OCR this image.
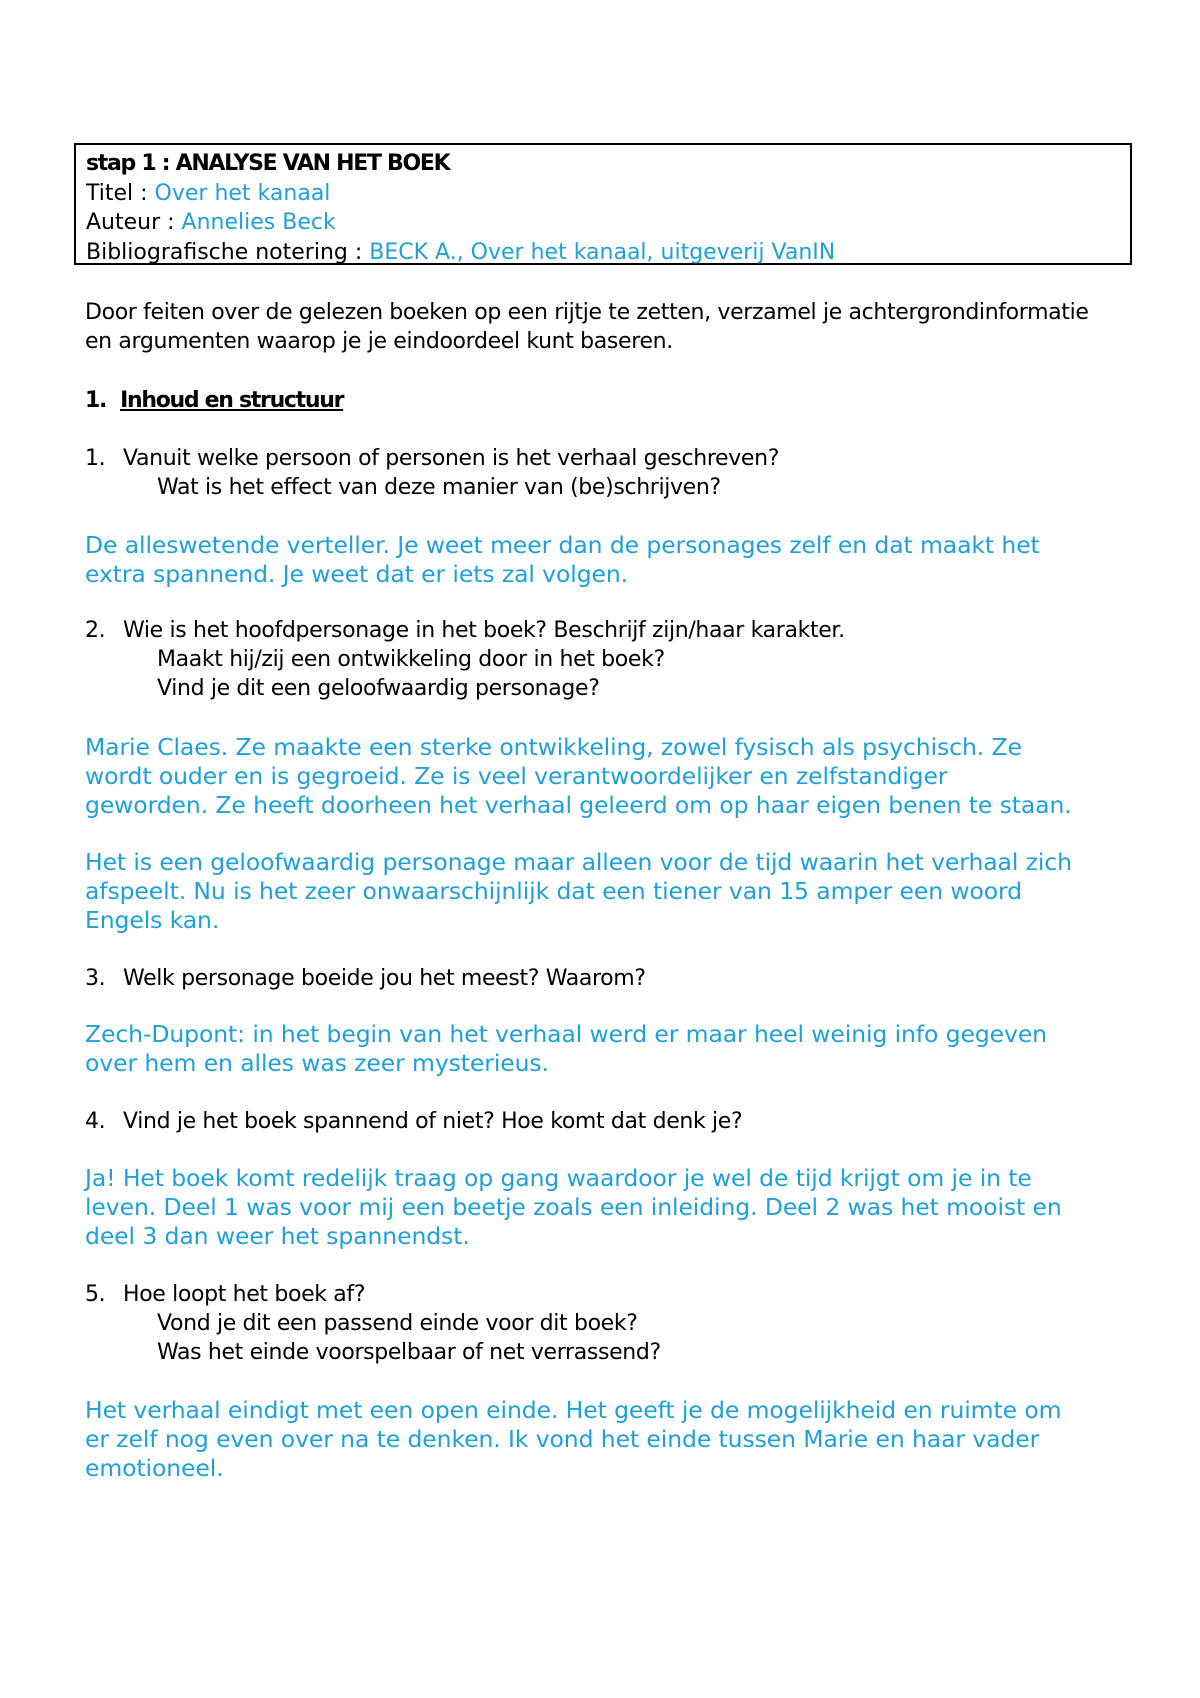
stap 1 : ANALYSE VAN HET BOEK
Titel : Over het kanaal
Auteur : Annelies Beck
Bibliografische notering : BECK A., Over het kanaal, uitgeverij VanIN
Door feiten over de gelezen boeken op een rijtje te zetten, verzamel je achtergrondinformatie
en argumenten waarop je je eindoordeel kunt baseren.
1. Inhoud en structuur
1. Vanuit welke persoon of personen is het verhaal geschreven?
Wat is het effect van deze manier van (be)schrijven?
De alleswetende verteller. Je weet meer dan de personages zelf en dat maakt het
extra spannend. Je weet dat er iets zal volgen.
2. Wie is het hoofdpersonage in het boek? Beschrijf zijn/haar karakter.
Maakt hij/zij een ontwikkeling door in het boek?
Vind je dit een geloofwaardig personage?
Marie Claes. Ze maakte een sterke ontwikkeling, zowel fysisch als psychisch. Ze
wordt ouder en is gegroeid. Ze is veel verantwoordelijker en zelfstandiger
geworden. Ze heeft doorheen het verhaal geleerd om op haar eigen benen te staan.
Het is een geloofwaardig personage maar alleen voor de tijd waarin het verhaal zich
afspeelt. Nu is het zeer onwaarschijnlijk dat een tiener van 15 amper een woord
Engels kan.
3. Welk personage boeide jou het meest? Waarom?
Zech-Dupont: in het begin van het verhaal werd er maar heel weinig info gegeven
over hem en alles was zeer mysterieus.
4. Vind je het boek spannend of niet? Hoe komt dat denk je?
Ja! Het boek komt redelijk traag op gang waardoor je wel de tijd krijgt om je in te
leven. Deel 1 was voor mij een beetje zoals een inleiding. Deel 2 was het mooist en
deel 3 dan weer het spannendst.
5. Hoe loopt het boek af?
Vond je dit een passend einde voor dit boek?
Was het einde voorspelbaar of net verrassend?
Het verhaal eindigt met een open einde. Het geeft je de mogelijkheid en ruimte om
er zelf nog even over na te denken. Ik vond het einde tussen Marie en haar vader
emotioneel.
